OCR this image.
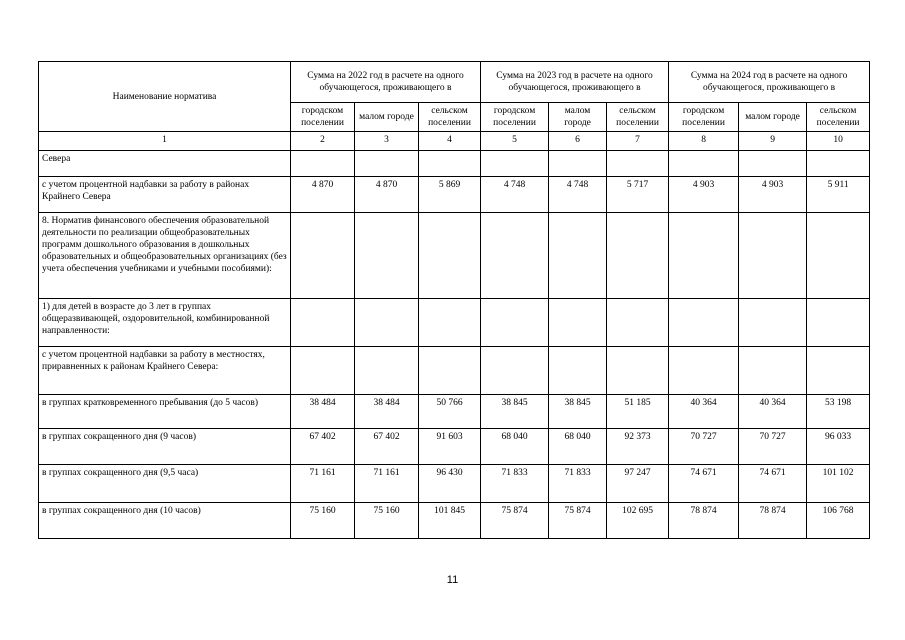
Наименование норматива	Сумма на 2022 год в расчете на одного обучающегося, проживающего в			Сумма на 2023 год в расчете на одного обучающегося, проживающего в			Сумма на 2024 год в расчете на одного обучающегося, проживающего в		
	городском поселении	малом городе	сельском поселении	городском поселении	малом городе	сельском поселении	городском поселении	малом городе	сельском поселении
1	2	3	4	5	6	7	8	9	10
Севера									
с учетом процентной надбавки за работу в районах Крайнего Севера	4 870	4 870	5 869	4 748	4 748	5 717	4 903	4 903	5 911
8. Норматив финансового обеспечения образовательной деятельности по реализации общеобразовательных программ дошкольного образования в дошкольных образовательных и общеобразовательных организациях (без учета обеспечения учебниками и учебными пособиями):									
1) для детей в возрасте до 3 лет в группах общеразвивающей, оздоровительной, комбинированной направленности:									
с учетом процентной надбавки за работу в местностях, приравненных к районам Крайнего Севера:									
в группах кратковременного пребывания (до 5 часов)	38 484	38 484	50 766	38 845	38 845	51 185	40 364	40 364	53 198
в группах сокращенного дня (9 часов)	67 402	67 402	91 603	68 040	68 040	92 373	70 727	70 727	96 033
в группах сокращенного дня (9,5 часа)	71 161	71 161	96 430	71 833	71 833	97 247	74 671	74 671	101 102
в группах сокращенного дня (10 часов)	75 160	75 160	101 845	75 874	75 874	102 695	78 874	78 874	106 768
11
